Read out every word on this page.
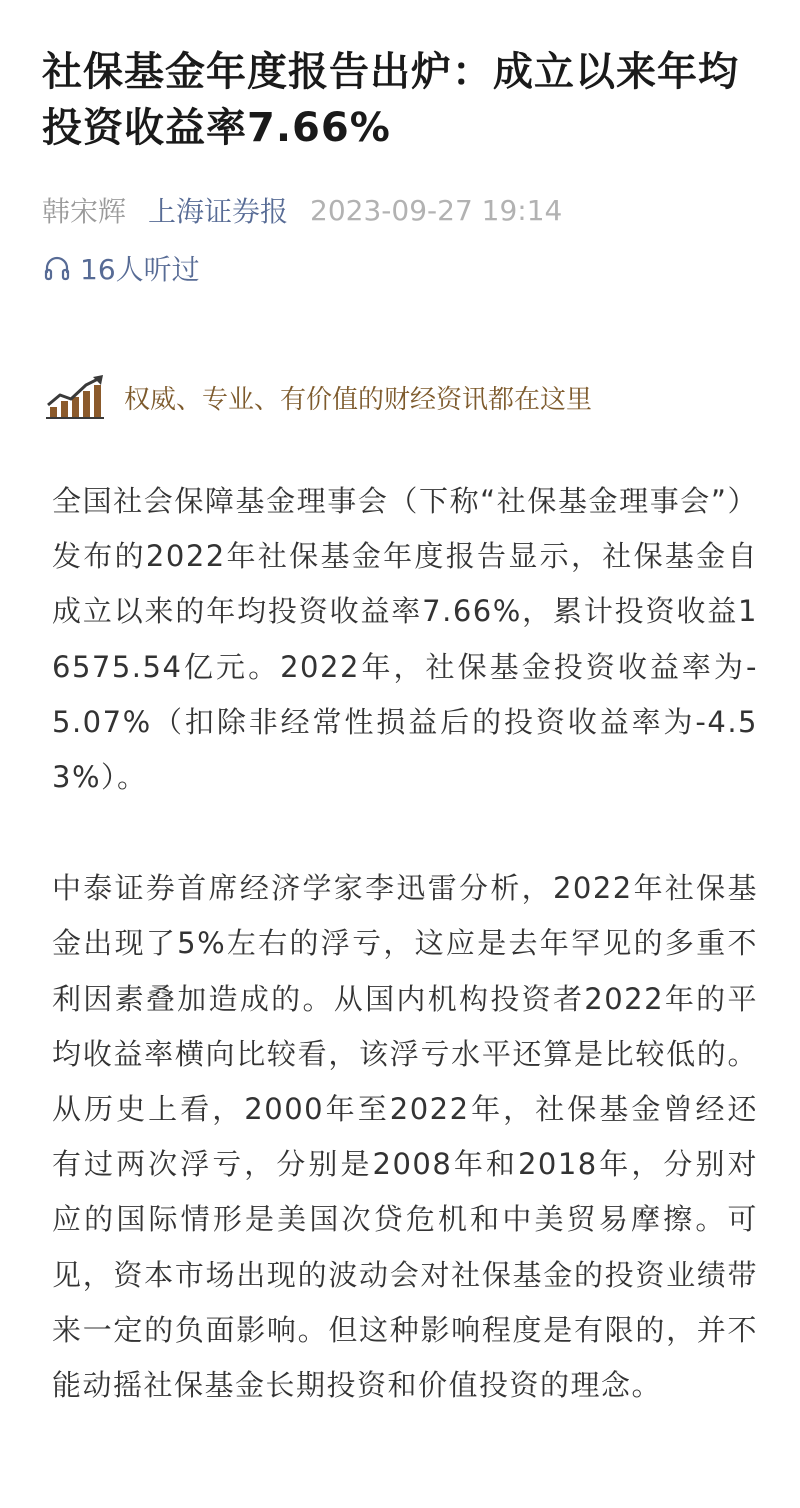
社保基金年度报告出炉：成立以来年均投资收益率7.66%
韩宋辉 上海证券报 2023-09-27 19:14
16人听过
权威、专业、有价值的财经资讯都在这里

全国社会保障基金理事会（下称“社保基金理事会”）发布的2022年社保基金年度报告显示，社保基金自成立以来的年均投资收益率7.66%，累计投资收益16575.54亿元。2022年，社保基金投资收益率为-5.07%（扣除非经常性损益后的投资收益率为-4.53%）。

中泰证券首席经济学家李迅雷分析，2022年社保基金出现了5%左右的浮亏，这应是去年罕见的多重不利因素叠加造成的。从国内机构投资者2022年的平均收益率横向比较看，该浮亏水平还算是比较低的。从历史上看，2000年至2022年，社保基金曾经还有过两次浮亏，分别是2008年和2018年，分别对应的国际情形是美国次贷危机和中美贸易摩擦。可见，资本市场出现的波动会对社保基金的投资业绩带来一定的负面影响。但这种影响程度是有限的，并不能动摇社保基金长期投资和价值投资的理念。
